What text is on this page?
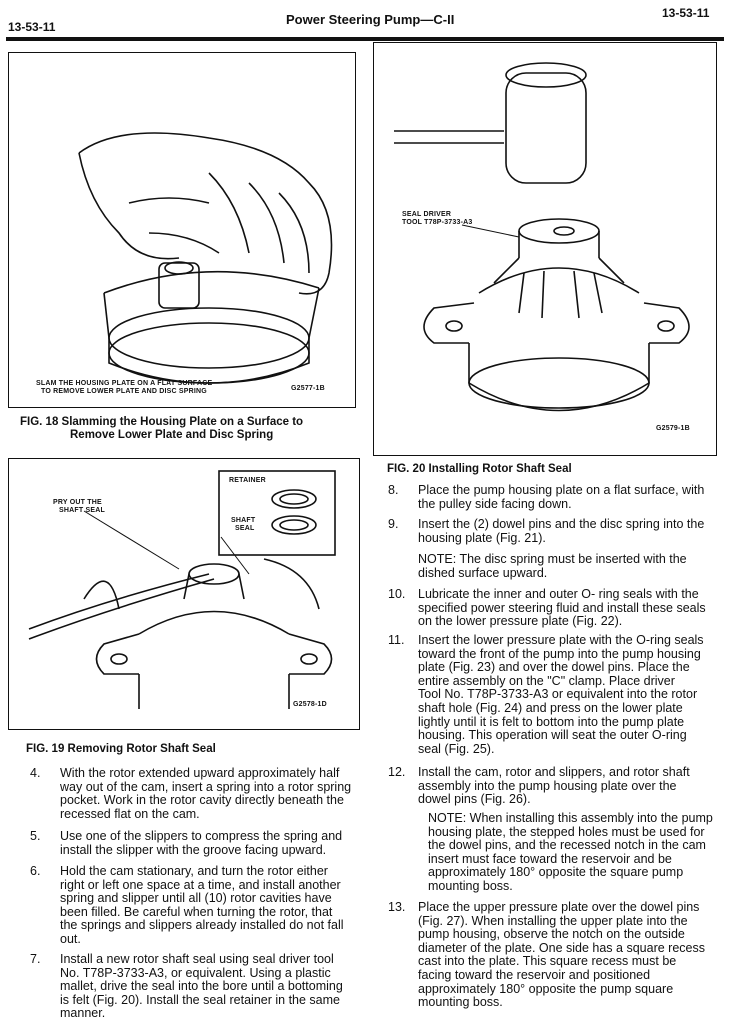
13-53-11	Power Steering Pump—C-II	13-53-11
SLAM THE HOUSING PLATE ON A FLAT SURFACE
TO REMOVE LOWER PLATE AND DISC SPRING	G2577-1B
FIG. 18 Slamming the Housing Plate on a Surface to
Remove Lower Plate and Disc Spring
SEAL DRIVER
TOOL T78P-3733-A3
G2579-1B
FIG. 20 Installing Rotor Shaft Seal
PRY OUT THE
SHAFT SEAL
RETAINER
SHAFT
SEAL
G2578-1D
FIG. 19 Removing Rotor Shaft Seal
4. With the rotor extended upward approximately half
way out of the cam, insert a spring into a rotor spring
pocket. Work in the rotor cavity directly beneath the
recessed flat on the cam.
5. Use one of the slippers to compress the spring and
install the slipper with the groove facing upward.
6. Hold the cam stationary, and turn the rotor either
right or left one space at a time, and install another
spring and slipper until all (10) rotor cavities have
been filled. Be careful when turning the rotor, that
the springs and slippers already installed do not fall
out.
7. Install a new rotor shaft seal using seal driver tool
No. T78P-3733-A3, or equivalent. Using a plastic
mallet, drive the seal into the bore until a bottoming
is felt (Fig. 20). Install the seal retainer in the same
manner.
8. Place the pump housing plate on a flat surface, with
the pulley side facing down.
9. Insert the (2) dowel pins and the disc spring into the
housing plate (Fig. 21).
NOTE: The disc spring must be inserted with the
dished surface upward.
10. Lubricate the inner and outer O- ring seals with the
specified power steering fluid and install these seals
on the lower pressure plate (Fig. 22).
11. Insert the lower pressure plate with the O-ring seals
toward the front of the pump into the pump housing
plate (Fig. 23) and over the dowel pins. Place the
entire assembly on the "C" clamp. Place driver
Tool No. T78P-3733-A3 or equivalent into the rotor
shaft hole (Fig. 24) and press on the lower plate
lightly until it is felt to bottom into the pump plate
housing. This operation will seat the outer O-ring
seal (Fig. 25).
12. Install the cam, rotor and slippers, and rotor shaft
assembly into the pump housing plate over the
dowel pins (Fig. 26).
NOTE: When installing this assembly into the pump
housing plate, the stepped holes must be used for
the dowel pins, and the recessed notch in the cam
insert must face toward the reservoir and be
approximately 180° opposite the square pump
mounting boss.
13. Place the upper pressure plate over the dowel pins
(Fig. 27). When installing the upper plate into the
pump housing, observe the notch on the outside
diameter of the plate. One side has a square recess
cast into the plate. This square recess must be
facing toward the reservoir and positioned
approximately 180° opposite the pump square
mounting boss.
